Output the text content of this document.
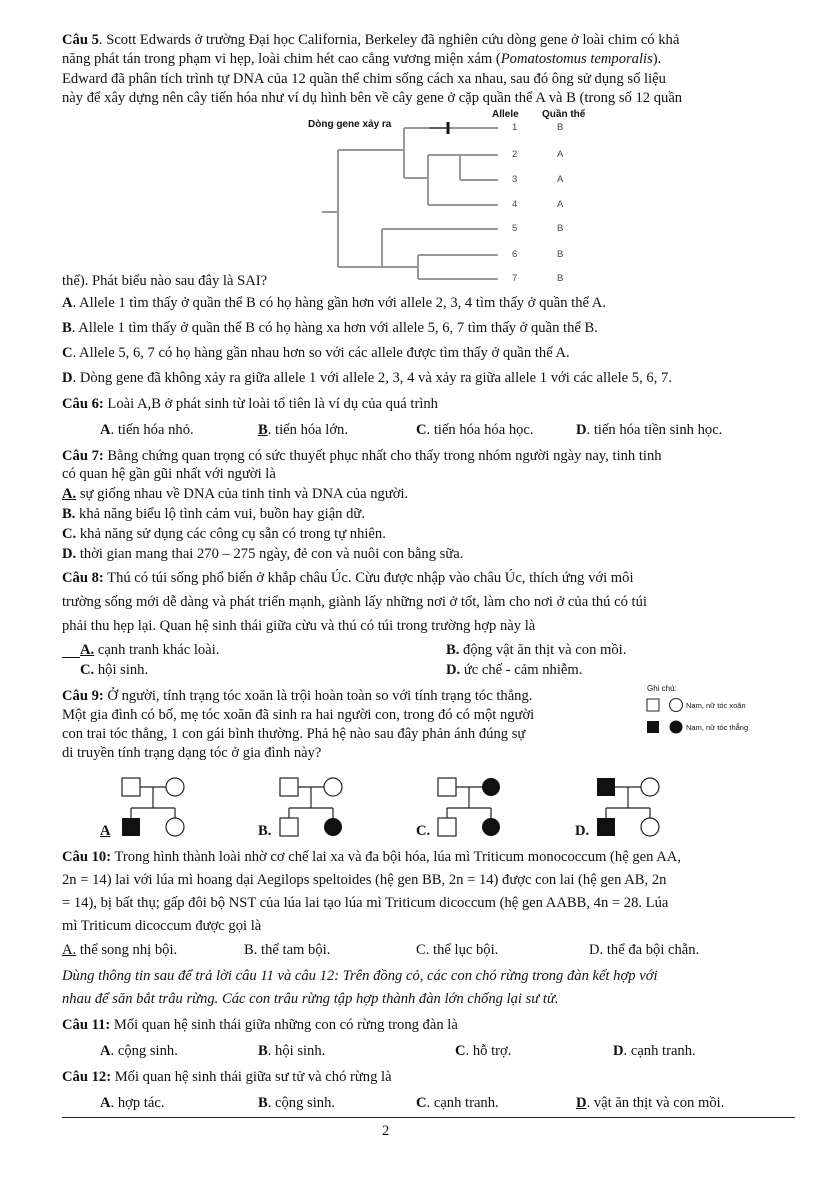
Câu 5. Scott Edwards ở trường Đại học California, Berkeley đã nghiên cứu dòng gene ở loài chim có khả
năng phát tán trong phạm vi hẹp, loài chim hét cao cẳng vương miện xám (Pomatostomus temporalis).
Edward đã phân tích trình tự DNA của 12 quần thể chim sống cách xa nhau, sau đó ông sử dụng số liệu
này để xây dựng nên cây tiến hóa như ví dụ hình bên về cây gene ở cặp quần thể A và B (trong số 12 quần
Dòng gene xảy ra
Allele Quần thể
1
2
3
4
5
6
7
B
A
A
A
B
B
B
thể). Phát biểu nào sau đây là SAI?
A. Allele 1 tìm thấy ở quần thể B có họ hàng gần hơn với allele 2, 3, 4 tìm thấy ở quần thể A.
B. Allele 1 tìm thấy ở quần thể B có họ hàng xa hơn với allele 5, 6, 7 tìm thấy ở quần thể B.
C. Allele 5, 6, 7 có họ hàng gần nhau hơn so với các allele được tìm thấy ở quần thể A.
D. Dòng gene đã không xảy ra giữa allele 1 với allele 2, 3, 4 và xảy ra giữa allele 1 với các allele 5, 6, 7.
Câu 6: Loài A,B ở phát sinh từ loài tổ tiên là ví dụ của quá trình
A. tiến hóa nhỏ.	B. tiến hóa lớn.	C. tiến hóa hóa học.	D. tiến hóa tiền sinh học.
Câu 7: Bằng chứng quan trọng có sức thuyết phục nhất cho thấy trong nhóm người ngày nay, tinh tinh
có quan hệ gần gũi nhất với người là
A. sự giống nhau về DNA của tinh tinh và DNA của người.
B. khả năng biểu lộ tình cảm vui, buồn hay giận dữ.
C. khả năng sử dụng các công cụ sẵn có trong tự nhiên.
D. thời gian mang thai 270 – 275 ngày, đẻ con và nuôi con bằng sữa.
Câu 8: Thú có túi sống phổ biến ở khắp châu Úc. Cừu được nhập vào châu Úc, thích ứng với môi
trường sống mới dễ dàng và phát triển mạnh, giành lấy những nơi ở tốt, làm cho nơi ở của thú có túi
phải thu hẹp lại. Quan hệ sinh thái giữa cừu và thú có túi trong trường hợp này là
A. cạnh tranh khác loài.	B. động vật ăn thịt và con mồi.
C. hội sinh.	D. ức chế - cảm nhiễm.
Câu 9: Ở người, tính trạng tóc xoăn là trội hoàn toàn so với tính trạng tóc thẳng.
Một gia đình có bố, mẹ tóc xoăn đã sinh ra hai người con, trong đó có một người
con trai tóc thẳng, 1 con gái bình thường. Phả hệ nào sau đây phản ánh đúng sự
di truyền tính trạng dạng tóc ở gia đình này?
Ghi chú:
Nam, nữ tóc xoăn
Nam, nữ tóc thẳng
A	B.	C.	D.
Câu 10: Trong hình thành loài nhờ cơ chế lai xa và đa bội hóa, lúa mì Triticum monococcum (hệ gen AA,
2n = 14) lai với lúa mì hoang dại Aegilops speltoides (hệ gen BB, 2n = 14) được con lai (hệ gen AB, 2n
= 14), bị bất thụ; gấp đôi bộ NST của lúa lai tạo lúa mì Triticum dicoccum (hệ gen AABB, 4n = 28. Lúa
mì Triticum dicoccum được gọi là
A. thể song nhị bội.	B. thể tam bội.	C. thể lục bội.	D. thể đa bội chẵn.
Dùng thông tin sau để trả lời câu 11 và câu 12: Trên đồng cỏ, các con chó rừng trong đàn kết hợp với
nhau để săn bắt trâu rừng. Các con trâu rừng tập hợp thành đàn lớn chống lại sư tử.
Câu 11: Mối quan hệ sinh thái giữa những con có rừng trong đàn là
A. cộng sinh.	B. hội sinh.	C. hỗ trợ.	D. cạnh tranh.
Câu 12: Mối quan hệ sinh thái giữa sư tử và chó rừng là
A. hợp tác.	B. cộng sinh.	C. cạnh tranh.	D. vật ăn thịt và con mồi.
2
